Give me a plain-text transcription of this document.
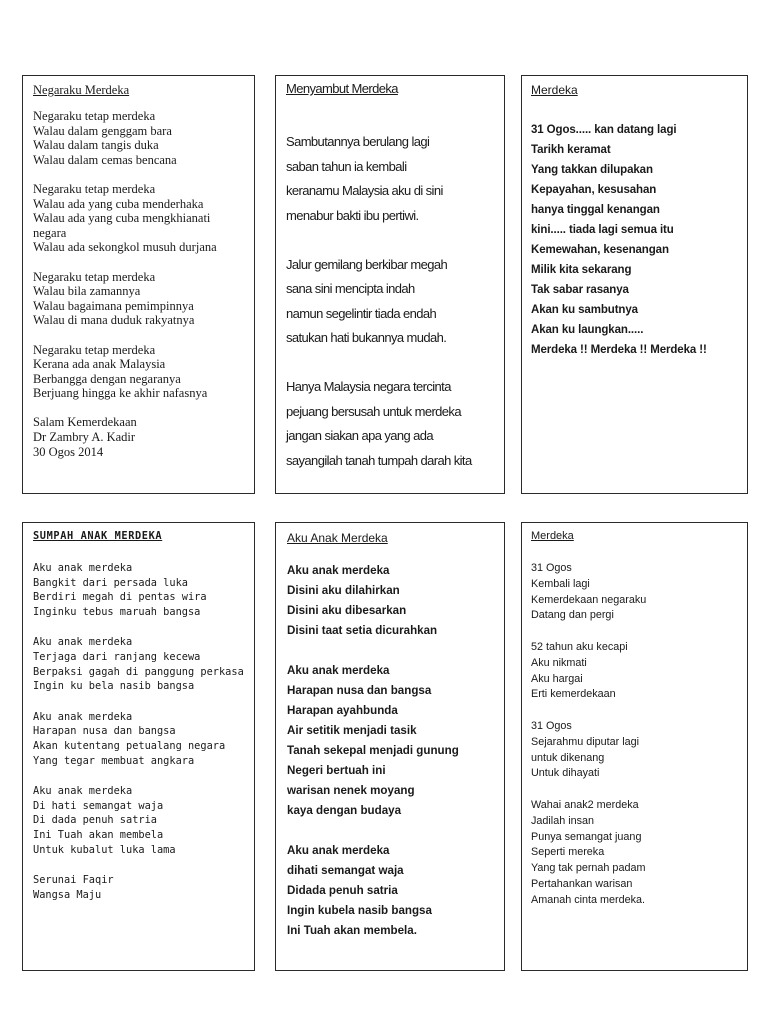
Negaraku Merdeka
Negaraku tetap merdeka
Walau dalam genggam bara
Walau dalam tangis duka
Walau dalam cemas bencana
Negaraku tetap merdeka
Walau ada yang cuba menderhaka
Walau ada yang cuba mengkhianati
negara
Walau ada sekongkol musuh durjana
Negaraku tetap merdeka
Walau bila zamannya
Walau bagaimana pemimpinnya
Walau di mana duduk rakyatnya
Negaraku tetap merdeka
Kerana ada anak Malaysia
Berbangga dengan negaranya
Berjuang hingga ke akhir nafasnya
Salam Kemerdekaan
Dr Zambry A. Kadir
30 Ogos 2014
Menyambut Merdeka
Sambutannya berulang lagi
saban tahun ia kembali
keranamu Malaysia aku di sini
menabur bakti ibu pertiwi.
Jalur gemilang berkibar megah
sana sini mencipta indah
namun segelintir tiada endah
satukan hati bukannya mudah.
Hanya Malaysia negara tercinta
pejuang bersusah untuk merdeka
jangan siakan apa yang ada
sayangilah tanah tumpah darah kita
Merdeka
31 Ogos..... kan datang lagi
Tarikh keramat
Yang takkan dilupakan
Kepayahan, kesusahan
hanya tinggal kenangan
kini..... tiada lagi semua itu
Kemewahan, kesenangan
Milik kita sekarang
Tak sabar rasanya
Akan ku sambutnya
Akan ku laungkan.....
Merdeka !! Merdeka !! Merdeka !!
SUMPAH ANAK MERDEKA
Aku anak merdeka
Bangkit dari persada luka
Berdiri megah di pentas wira
Inginku tebus maruah bangsa
Aku anak merdeka
Terjaga dari ranjang kecewa
Berpaksi gagah di panggung perkasa
Ingin ku bela nasib bangsa
Aku anak merdeka
Harapan nusa dan bangsa
Akan kutentang petualang negara
Yang tegar membuat angkara
Aku anak merdeka
Di hati semangat waja
Di dada penuh satria
Ini Tuah akan membela
Untuk kubalut luka lama
Serunai Faqir
Wangsa Maju
Aku Anak Merdeka
Aku anak merdeka
Disini aku dilahirkan
Disini aku dibesarkan
Disini taat setia dicurahkan
Aku anak merdeka
Harapan nusa dan bangsa
Harapan ayahbunda
Air setitik menjadi tasik
Tanah sekepal menjadi gunung
Negeri bertuah ini
warisan nenek moyang
kaya dengan budaya
Aku anak merdeka
dihati semangat waja
Didada penuh satria
Ingin kubela nasib bangsa
Ini Tuah akan membela.
Merdeka
31 Ogos
Kembali lagi
Kemerdekaan negaraku
Datang dan pergi
52 tahun aku kecapi
Aku nikmati
Aku hargai
Erti kemerdekaan
31 Ogos
Sejarahmu diputar lagi
untuk dikenang
Untuk dihayati
Wahai anak2 merdeka
Jadilah insan
Punya semangat juang
Seperti mereka
Yang tak pernah padam
Pertahankan warisan
Amanah cinta merdeka.
